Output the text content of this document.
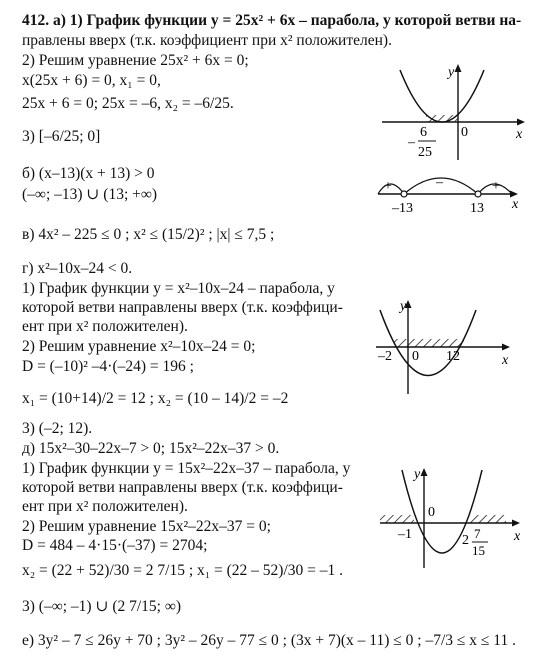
412. а) 1) График функции y = 25x² + 6x – парабола, у которой ветви на-
правлены вверх (т.к. коэффициент при x² положителен).
2) Решим уравнение 25x² + 6x = 0;
x(25x + 6) = 0, x₁ = 0,
25x + 6 = 0; 25x = –6, x₂ = –6/25.
3) [–6/25; 0]
б) (x–13)(x + 13) > 0
(–∞; –13) ∪ (13; +∞)
в) 4x² – 225 ≤ 0 ; x² ≤ (15/2)² ; |x| ≤ 7,5 ;
г) x²–10x–24 < 0.
1) График функции y = x²–10x–24 – парабола, у
которой ветви направлены вверх (т.к. коэффици-
ент при x² положителен).
2) Решим уравнение x²–10x–24 = 0;
D = (–10)² –4·(–24) = 196 ;
x₁ = (10+14)/2 = 12 ; x₂ = (10 – 14)/2 = –2
3) (–2; 12).
д) 15x²–30–22x–7 > 0; 15x²–22x–37 > 0.
1) График функции y = 15x²–22x–37 – парабола, у
которой ветви направлены вверх (т.к. коэффици-
ент при x² положителен).
2) Решим уравнение 15x²–22x–37 = 0;
D = 484 – 4·15·(–37) = 2704;
x₂ = (22 + 52)/30 = 2 7/15 ; x₁ = (22 – 52)/30 = –1 .
3) (–∞; –1) ∪ (2 7/15; ∞)
е) 3y² – 7 ≤ 26y + 70 ; 3y² – 26y – 77 ≤ 0 ; (3x + 7)(x – 11) ≤ 0 ; –7/3 ≤ x ≤ 11 .
y
x
0
–
6
25
+	–	+
–13	13 x
y
x
–2 0 12
y
x
0
–1	2 7
15
